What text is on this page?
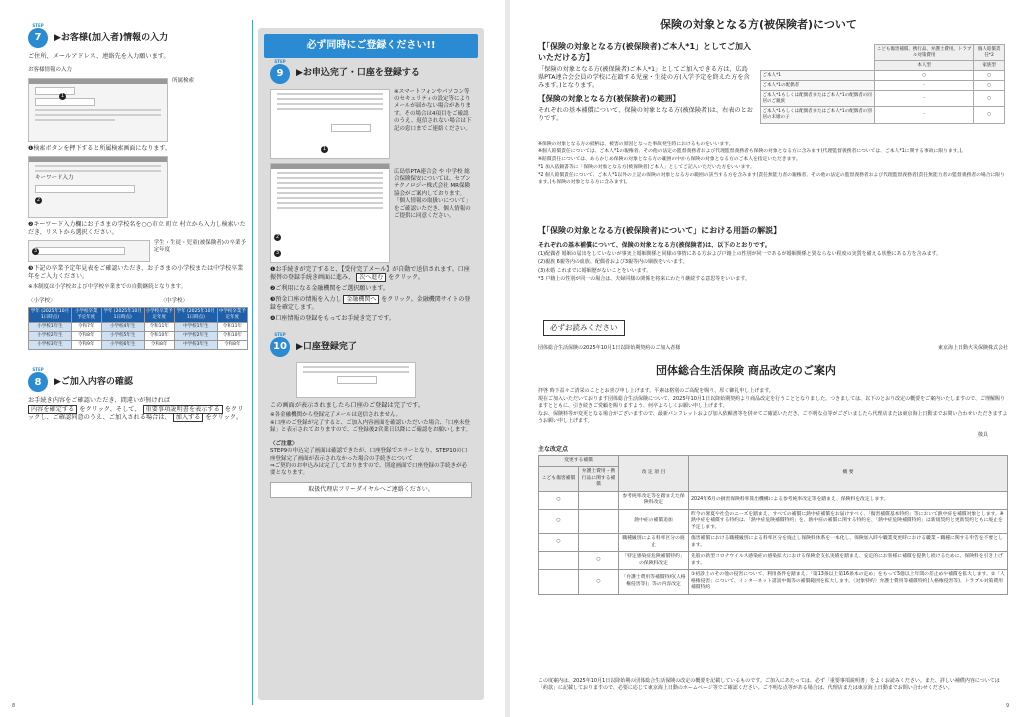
STEP
7 ▶お客様(加入者)情報の入力
ご住所、メールアドレス、連絡先を入力願います。
お客様情報の入力
1
所属検索
❶検索ボタンを押下すると所属検索画面になります。
キーワード入力
2
❷キーワード入力欄にお子さまの学校名を○○市立 町立 村立から入力し検索いただき、リストから選択ください。
3
学生・生徒・児童(被保険者)の卒業予定年度
❸下記の卒業予定年見表をご確認いただき、お子さまの小学校または中学校卒業年をご入力ください。
※本制度は小学校および中学校卒業までの自動継続となります。
〈小学校〉	〈中学校〉
学年 (2025年10月1日時点)	小学校卒業予定年度	学年 (2025年10月1日時点)	小学校卒業予定年度	学年 (2025年10月1日時点)	中学校卒業予定年度
小学校1年生	令和7年	小学校4年生	令和11年	中学校1年生	令和11年
小学校2年生	令和8年	小学校5年生	令和10年	中学校2年生	令和10年
小学校3年生	令和9年	小学校6年生	令和8年	中学校3年生	令和8年
STEP
8 ▶ご加入内容の確認
お手続き内容をご確認いただき、間違いが無ければ
内容を確定する をクリック、そして、 重要事項説明書を表示する をクリックし、ご確認同意のうえ、ご加入される場合は、 加入する をクリック。
必ず同時にご登録ください!!
STEP
9 ▶お申込完了・口座を登録する
1
※スマートフォンやパソコン等のセキュリティの設定等によりメールが届かない場合があります。その場合は4項目をご確認のうえ、返信されない場合は下記の窓口までご連絡ください。
2
3
広島県PTA連合会 や 中学校 総合保険保安については、セブンテクノロジー株式会社 MR保険協会がご案内しております。「個人情報の取扱いについて」をご確認いただき、個人情報のご提供に同意ください。
❶お手続きが完了すると、【受付完了メール】が自動で送信されます。口座振替の登録手続き画面に進み、 次へ進む をクリック。
❷ご利用になる金融機関をご選択願います。
❸預金口座の情報を入力し 金融機関へ をクリック。金融機関サイトの登録を確定します。
❹口座情報の登録をもってお手続き完了です。
STEP
10 ▶口座登録完了
この画面が表示されましたら口座のご登録は完了です。
※各金融機関から登録完了メールは送信されません。
※口座のご登録が完了すると、ご加入内容画面を確認いただいた場合、「口座未登録」と表示されておりますので、ご登録後2営業日以降にご確認をお願いします。
〈ご注意〉
STEP9の申込完了画面は確認できたが、口座登録でエラーとなり、STEP10の口座登録完了画面が表示されなかった場合の手続きについて
⇒ご契約のお申込みは完了しておりますので、別途画面で口座登録の手続きが必要となります。
取扱代理店フリーダイヤルへご連絡ください。
8
保険の対象となる方(被保険者)について
【「保険の対象となる方(被保険者)ご本人*1」としてご加入いただける方】
「保険の対象となる方(被保険者)ご本人*1」としてご加入できる方は、広島県PTA連合会会員の学校に在籍する児童・生徒の方(入学予定を終えた方を含みます。)となります。
【保険の対象となる方(被保険者)の範囲】
それぞれの基本補償について、保険の対象となる方(被保険者)は、右表のとおりです。
	こども傷害補償、携行品、弁護士費用、トラブル対策費用	個人賠償責任*2
	本人型	家族型
ご本人*1	○	○
ご本人*1の配偶者	-	○
ご本人*1もしくは配偶者またはご本人*1の配偶者の同居のご親族	-	○
ご本人*1もしくは配偶者またはご本人*1の配偶者の別居の未婚の子	-	○

※保険の対象となる方の続柄は、被害の原因となった事故発生時におけるものをいいます。

※個人賠償責任については、ご本人*1の親権者、その他の法定の監督義務者および代理監督義務者も保険の対象となる方に含みます(代理監督義務者については、ご本人*1に関する事故に限ります。)。

※賠償責任については、あらかじめ保険の対象となる方の範囲の中から保険の対象となる方のご本人を指定いただきます。

*1 加入依頼書等に「保険の対象となる方(被保険者)ご本人」としてご記入いただいた方をいいます。

*2 個人賠償責任について、ご本人*1以外の上記の保険の対象となる方の範囲の該当する方を含みます(責任無能力者の親権者、その他の法定の監督義務者および代理監督義務者(責任無能力者の監督義務者の場合に限ります。)も保険の対象となる方に含みます)。

【「保険の対象となる方(被保険者)について」における用語の解説】

それぞれの基本補償について、保険の対象となる方(被保険者)は、以下のとおりです。

(1)配偶者 婚姻の届出をしていないが事実上婚姻関係と同様の事情にある方および戸籍上の性別が同一であるが婚姻関係と異ならない程度の実質を備える状態にある方を含みます。

(2)親族 6親等内の血族、配偶者および3親等内の姻族をいいます。

(3)未婚 これまでに婚姻歴がないことをいいます。

*3 戸籍上の性別が同一の場合は、夫婦同様の関係を将来にわたり継続する意思等をいいます。

必ずお読みください
団体総合生活保険の2025年10月1日以降始期契約のご加入者様	東京海上日動火災保険株式会社
団体総合生活保険 商品改定のご案内

拝啓 時下益々ご清栄のこととお喜び申し上げます。平素は格別のご高配を賜り、厚く御礼申し上げます。

現在ご加入いただいております団体総合生活保険について、2025年10月1日以降始期契約より商品改定を行うこととなりました。つきましては、以下のとおり改定の概要をご案内いたしますので、ご理解賜りますとともに、引き続きご愛顧を賜りますよう、何卒よろしくお願い申し上げます。

なお、保険料等が変更となる場合がございますので、最新パンフレットおよび加入依頼書等を併せてご確認いただき、ご不明な点等がございましたら代理店または東京海上日動までお問い合わせいただきますようお願い申し上げます。

敬具
主な改定点
変更する補償		改 定 項 目	概 要
こども傷害補償	弁護士費用・携行品に関する補償		
○		参考純率改定等を踏まえた保険料改定	2024年6月の損害保険料率算出機構による参考純率改定等を踏まえ、保険料を改定します。
○		熱中症の補償追加	昨今の暑夏や社会のニーズを踏まえ、すべての補償に熱中症補償をお届けすべく、「傷害補償基本特約」等において熱中症を補償対象とします。※熱中症を補償する特約は、「熱中症危険補償特約」を、熱中症の補償に関する特約を、「熱中症危険補償特約」は新規契約と更新契約ともに廃止を予定します。
○		職種級別による料率区分の廃止	傷害補償における職種級別による料率区分を廃止し保険料体系を一本化し、保険加入時や職業変更時における職業・職種に関する申告を不要とします。
	○	「特定感染症危険補償特約」の保険料改定	先般の新型コロナウイルス感染症の感染拡大における保険金支払実績を踏まえ、安定的にお客様に補償を提供し続けるために、保険料を引き上げます。
	○	「弁護士費用等補償特約(人格権侵害等)」等の内容改定	①初診上のその他の侵害について、利用条件を踏まえ、「第13条以上第16条本の定め」をもって5億以上年間の差止めや補償を拡大します。②「人格権侵害」について、インターネット誹謗中傷等の補償範囲を拡大します。〈対象特約〉弁護士費用等補償特約(人格権侵害等)、トラブル対策費用補償特約
この度案内は、2025年10月1日以降始期の団体総合生活保険の改定の概要を記載しているものです。ご加入にあたっては、必ず「重要事項説明書」をよくお読みください。また、詳しい補償内容については「約款」に記載しておりますので、必要に応じて東京海上日動のホームページ等でご確認ください。ご不明な点等がある場合は、代理店または東京海上日動までお問い合わせください。
9
